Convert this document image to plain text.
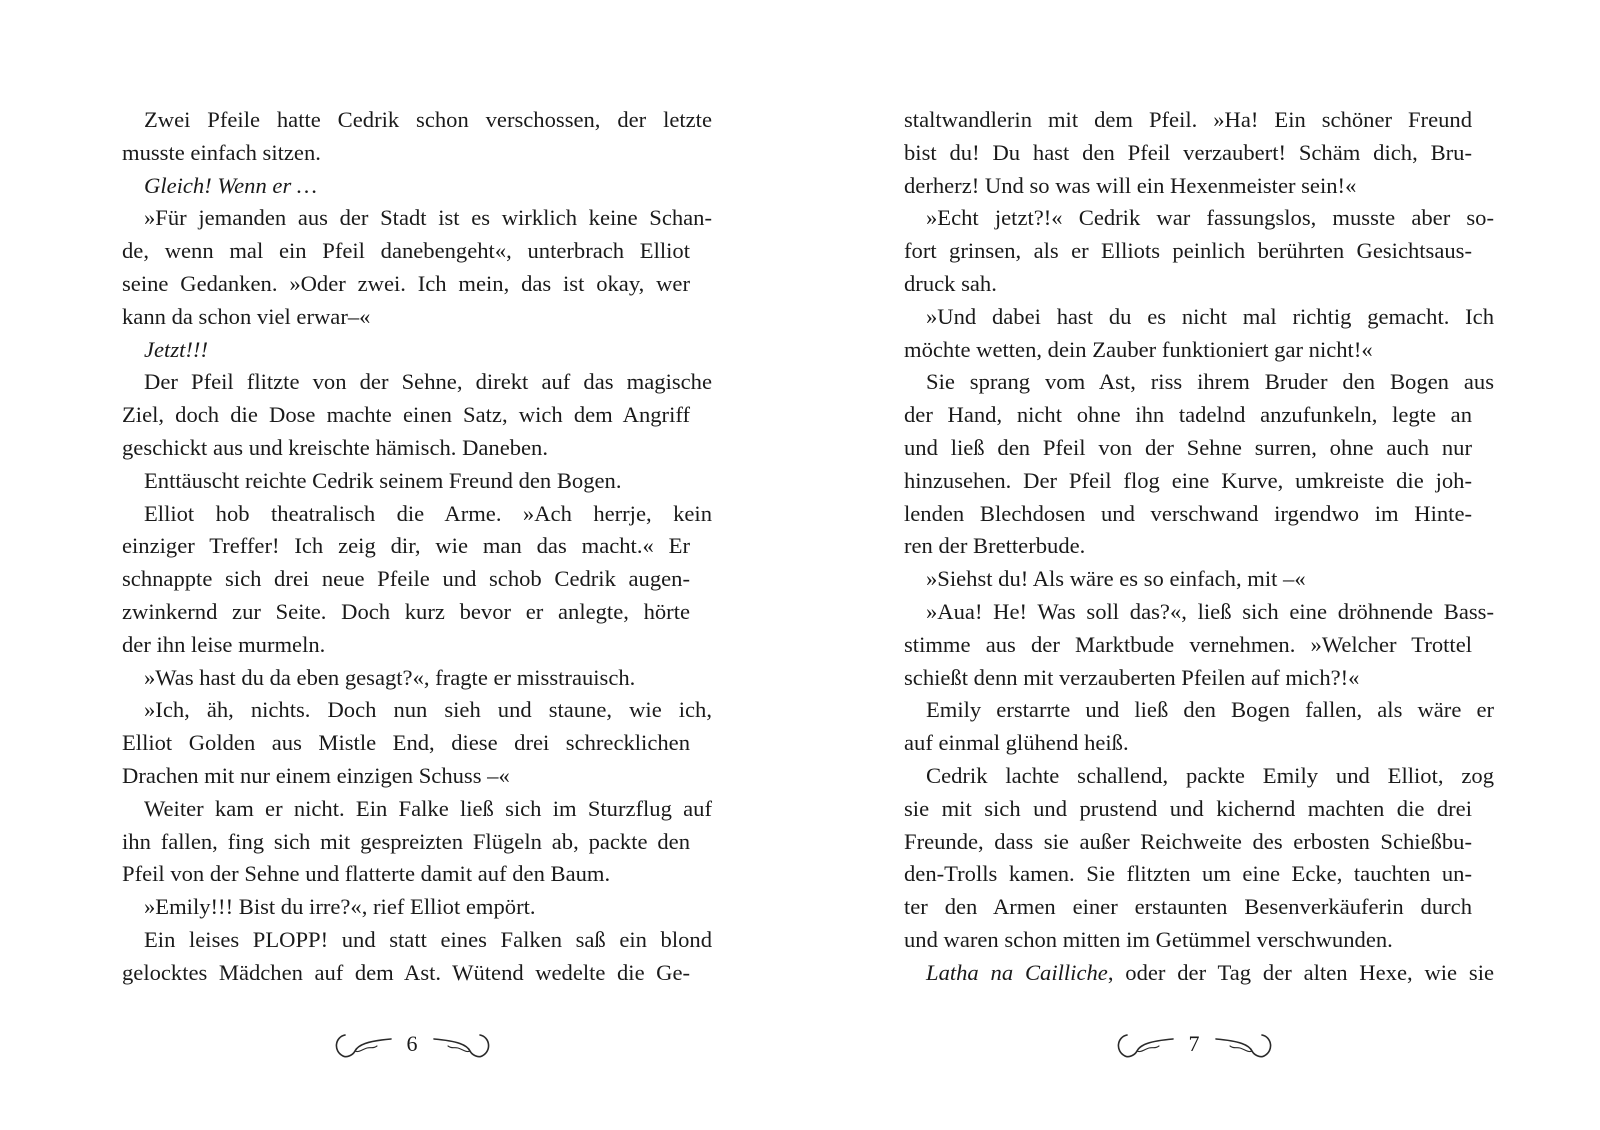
Zwei Pfeile hatte Cedrik schon verschossen, der letzte

musste einfach sitzen.

Gleich! Wenn er …

»Für jemanden aus der Stadt ist es wirklich keine Schan-

de, wenn mal ein Pfeil danebengeht«, unterbrach Elliot

seine Gedanken. »Oder zwei. Ich mein, das ist okay, wer

kann da schon viel erwar–«

Jetzt!!!

Der Pfeil flitzte von der Sehne, direkt auf das magische

Ziel, doch die Dose machte einen Satz, wich dem Angriff

geschickt aus und kreischte hämisch. Daneben.

Enttäuscht reichte Cedrik seinem Freund den Bogen.

Elliot hob theatralisch die Arme. »Ach herrje, kein

einziger Treffer! Ich zeig dir, wie man das macht.« Er

schnappte sich drei neue Pfeile und schob Cedrik augen-

zwinkernd zur Seite. Doch kurz bevor er anlegte, hörte

der ihn leise murmeln.

»Was hast du da eben gesagt?«, fragte er misstrauisch.

»Ich, äh, nichts. Doch nun sieh und staune, wie ich,

Elliot Golden aus Mistle End, diese drei schrecklichen

Drachen mit nur einem einzigen Schuss –«

Weiter kam er nicht. Ein Falke ließ sich im Sturzflug auf

ihn fallen, fing sich mit gespreizten Flügeln ab, packte den

Pfeil von der Sehne und flatterte damit auf den Baum.

»Emily!!! Bist du irre?«, rief Elliot empört.

Ein leises PLOPP! und statt eines Falken saß ein blond

gelocktes Mädchen auf dem Ast. Wütend wedelte die Ge-

staltwandlerin mit dem Pfeil. »Ha! Ein schöner Freund

bist du! Du hast den Pfeil verzaubert! Schäm dich, Bru-

derherz! Und so was will ein Hexenmeister sein!«

»Echt jetzt?!« Cedrik war fassungslos, musste aber so-

fort grinsen, als er Elliots peinlich berührten Gesichtsaus-

druck sah.

»Und dabei hast du es nicht mal richtig gemacht. Ich

möchte wetten, dein Zauber funktioniert gar nicht!«

Sie sprang vom Ast, riss ihrem Bruder den Bogen aus

der Hand, nicht ohne ihn tadelnd anzufunkeln, legte an

und ließ den Pfeil von der Sehne surren, ohne auch nur

hinzusehen. Der Pfeil flog eine Kurve, umkreiste die joh-

lenden Blechdosen und verschwand irgendwo im Hinte-

ren der Bretterbude.

»Siehst du! Als wäre es so einfach, mit –«

»Aua! He! Was soll das?«, ließ sich eine dröhnende Bass-

stimme aus der Marktbude vernehmen. »Welcher Trottel

schießt denn mit verzauberten Pfeilen auf mich?!«

Emily erstarrte und ließ den Bogen fallen, als wäre er

auf einmal glühend heiß.

Cedrik lachte schallend, packte Emily und Elliot, zog

sie mit sich und prustend und kichernd machten die drei

Freunde, dass sie außer Reichweite des erbosten Schießbu-

den-Trolls kamen. Sie flitzten um eine Ecke, tauchten un-

ter den Armen einer erstaunten Besenverkäuferin durch

und waren schon mitten im Getümmel verschwunden.

Latha na Cailliche, oder der Tag der alten Hexe, wie sie

6	7
